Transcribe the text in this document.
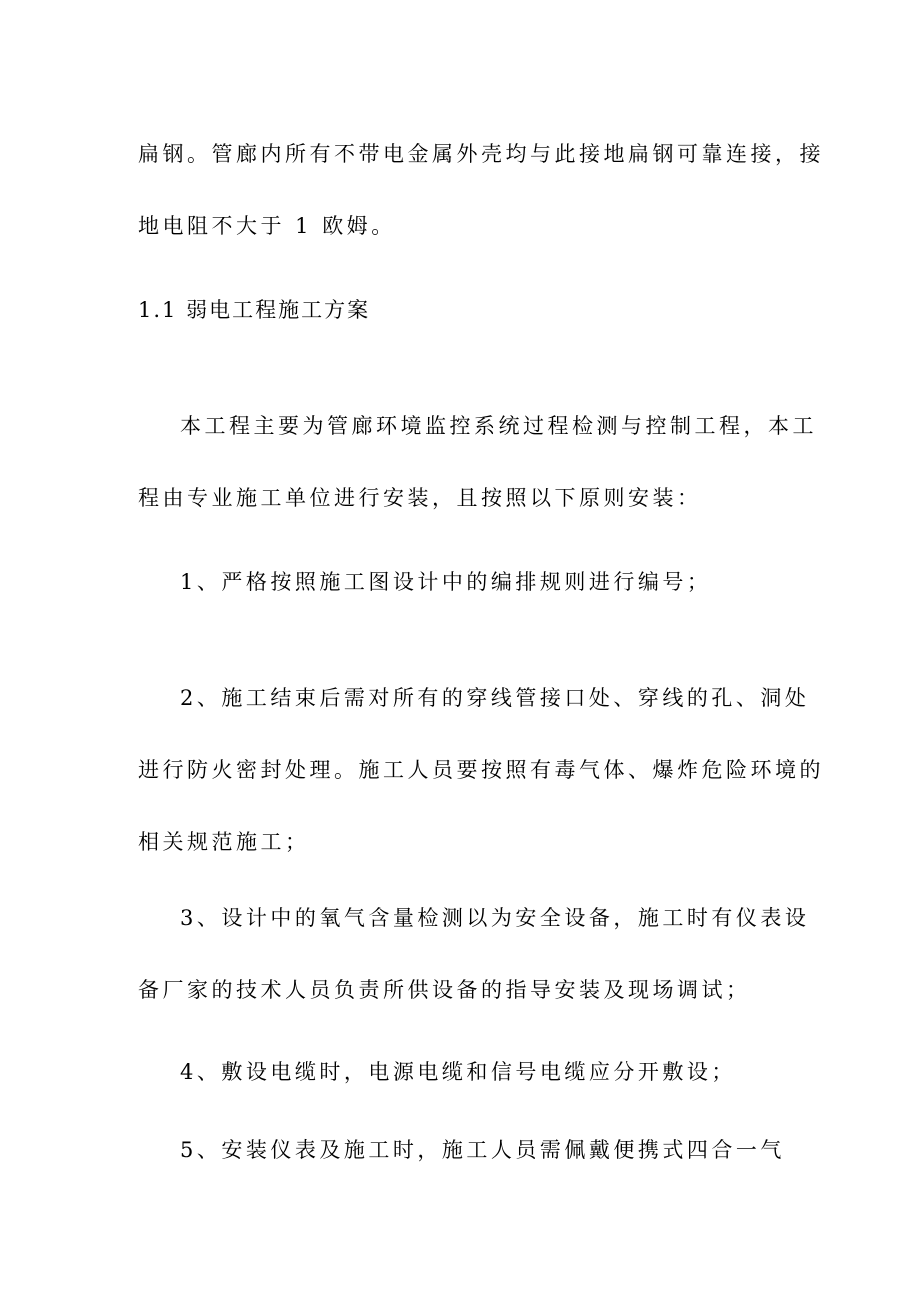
扁钢。管廊内所有不带电金属外壳均与此接地扁钢可靠连接，接
地电阻不大于 1 欧姆。
1.1 弱电工程施工方案
本工程主要为管廊环境监控系统过程检测与控制工程，本工
程由专业施工单位进行安装，且按照以下原则安装：
1、严格按照施工图设计中的编排规则进行编号；
2、施工结束后需对所有的穿线管接口处、穿线的孔、洞处
进行防火密封处理。施工人员要按照有毒气体、爆炸危险环境的
相关规范施工；
3、设计中的氧气含量检测以为安全设备，施工时有仪表设
备厂家的技术人员负责所供设备的指导安装及现场调试；
4、敷设电缆时，电源电缆和信号电缆应分开敷设；
5、安装仪表及施工时，施工人员需佩戴便携式四合一气
